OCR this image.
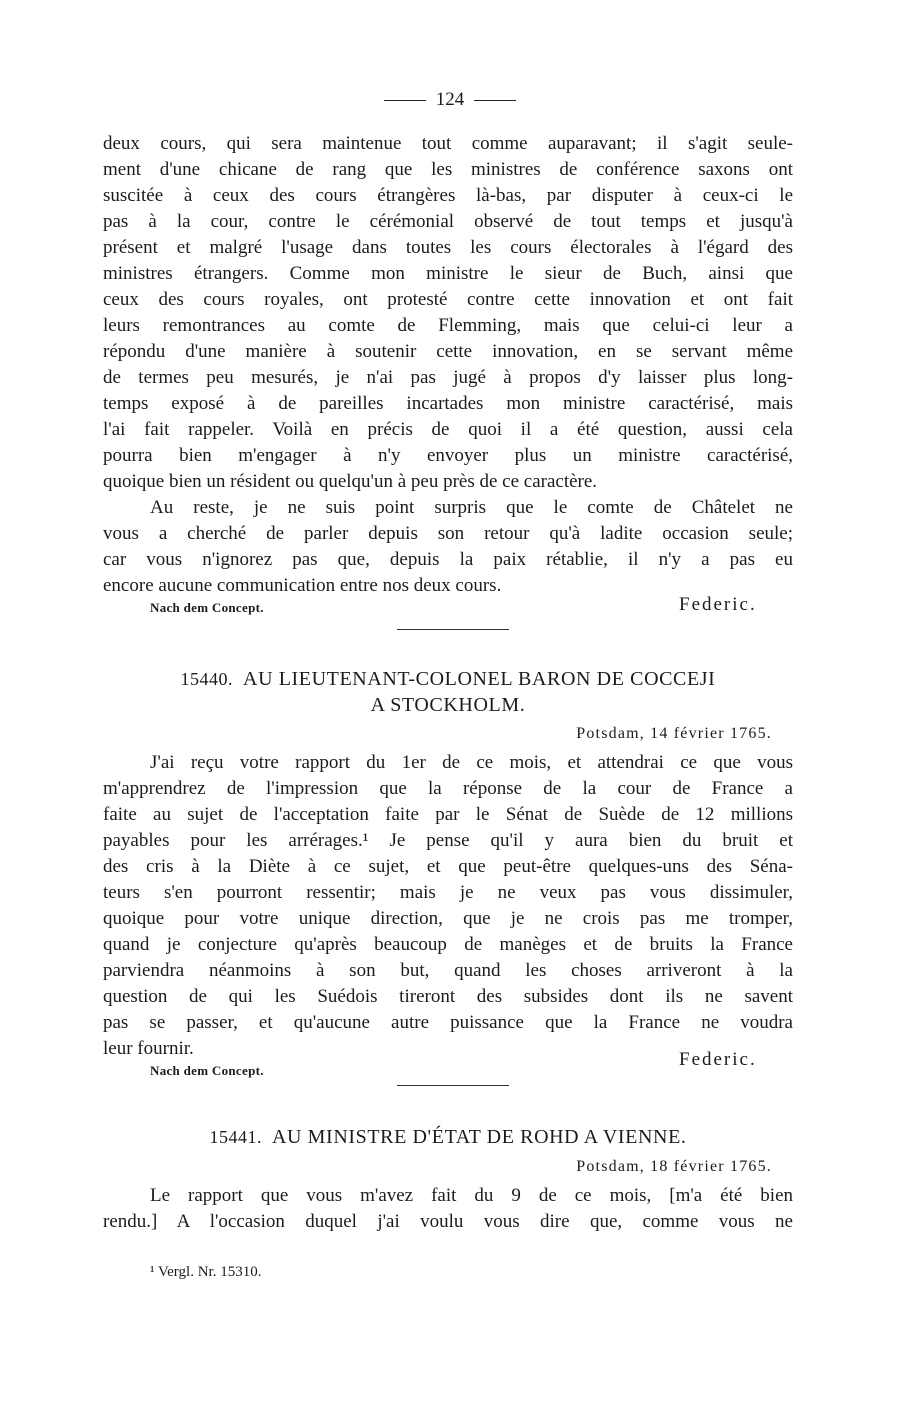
124
deux cours, qui sera maintenue tout comme auparavant; il s'agit seule-
ment d'une chicane de rang que les ministres de conférence saxons ont
suscitée à ceux des cours étrangères là-bas, par disputer à ceux-ci le
pas à la cour, contre le cérémonial observé de tout temps et jusqu'à
présent et malgré l'usage dans toutes les cours électorales à l'égard des
ministres étrangers. Comme mon ministre le sieur de Buch, ainsi que
ceux des cours royales, ont protesté contre cette innovation et ont fait
leurs remontrances au comte de Flemming, mais que celui-ci leur a
répondu d'une manière à soutenir cette innovation, en se servant même
de termes peu mesurés, je n'ai pas jugé à propos d'y laisser plus long-
temps exposé à de pareilles incartades mon ministre caractérisé, mais
l'ai fait rappeler. Voilà en précis de quoi il a été question, aussi cela
pourra bien m'engager à n'y envoyer plus un ministre caractérisé,
quoique bien un résident ou quelqu'un à peu près de ce caractère.
Au reste, je ne suis point surpris que le comte de Châtelet ne
vous a cherché de parler depuis son retour qu'à ladite occasion seule;
car vous n'ignorez pas que, depuis la paix rétablie, il n'y a pas eu
encore aucune communication entre nos deux cours.
Nach dem Concept.	Federic.
15440. AU LIEUTENANT-COLONEL BARON DE COCCEJI
A STOCKHOLM.
Potsdam, 14 février 1765.
J'ai reçu votre rapport du 1er de ce mois, et attendrai ce que vous
m'apprendrez de l'impression que la réponse de la cour de France a
faite au sujet de l'acceptation faite par le Sénat de Suède de 12 millions
payables pour les arrérages.¹ Je pense qu'il y aura bien du bruit et
des cris à la Diète à ce sujet, et que peut-être quelques-uns des Séna-
teurs s'en pourront ressentir; mais je ne veux pas vous dissimuler,
quoique pour votre unique direction, que je ne crois pas me tromper,
quand je conjecture qu'après beaucoup de manèges et de bruits la France
parviendra néanmoins à son but, quand les choses arriveront à la
question de qui les Suédois tireront des subsides dont ils ne savent
pas se passer, et qu'aucune autre puissance que la France ne voudra
leur fournir.
Federic.
Nach dem Concept.
15441. AU MINISTRE D'ÉTAT DE ROHD A VIENNE.
Potsdam, 18 février 1765.
Le rapport que vous m'avez fait du 9 de ce mois, [m'a été bien
rendu.] A l'occasion duquel j'ai voulu vous dire que, comme vous ne
¹ Vergl. Nr. 15310.
